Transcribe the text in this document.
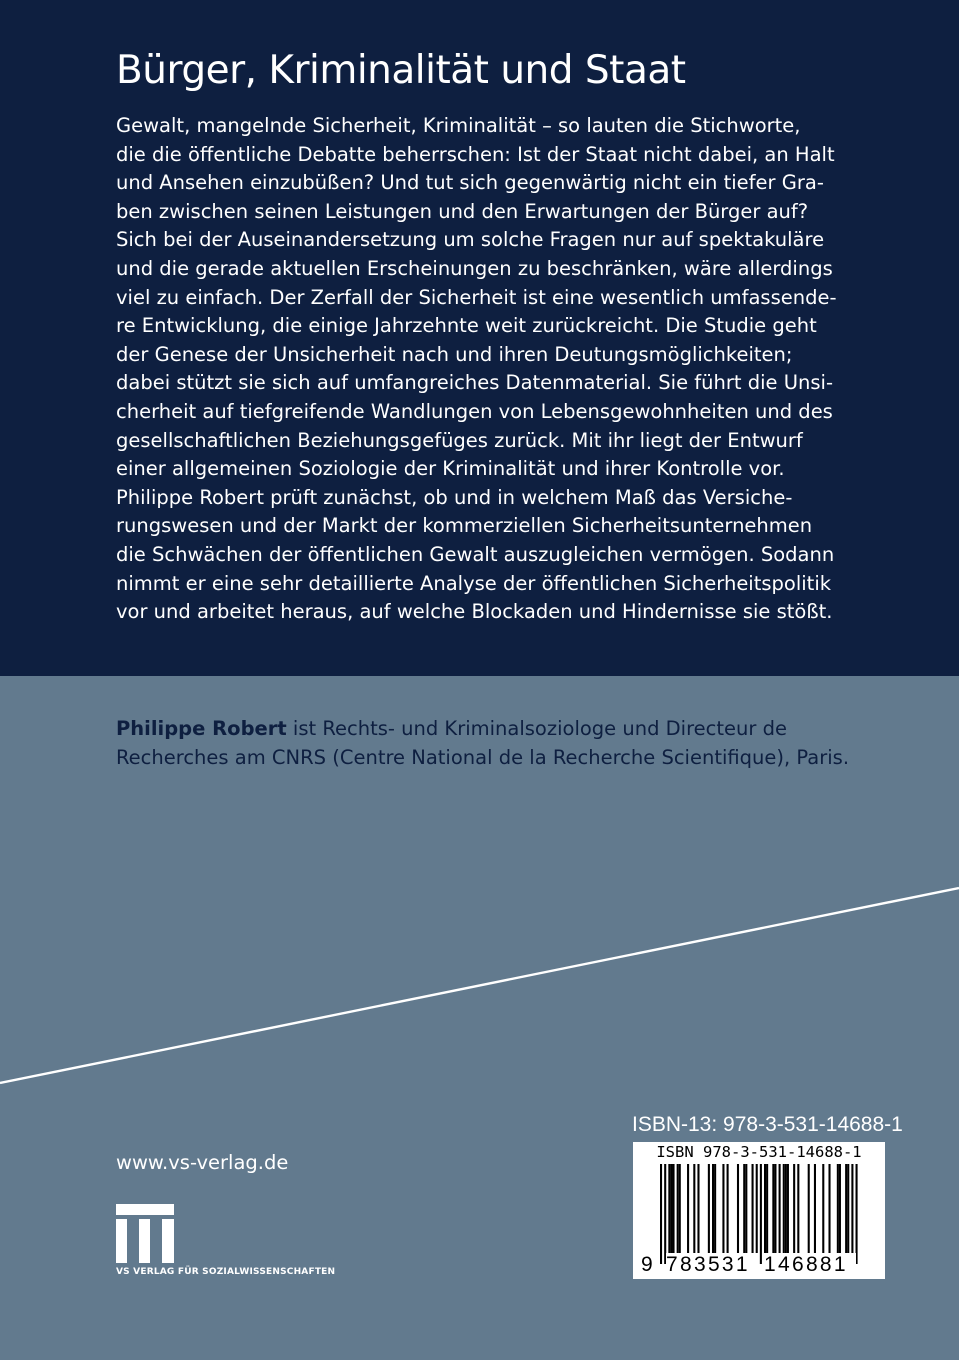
Bürger, Kriminalität und Staat
Gewalt, mangelnde Sicherheit, Kriminalität – so lauten die Stichworte,
die die öffentliche Debatte beherrschen: Ist der Staat nicht dabei, an Halt
und Ansehen einzubüßen? Und tut sich gegenwärtig nicht ein tiefer Gra-
ben zwischen seinen Leistungen und den Erwartungen der Bürger auf?
Sich bei der Auseinandersetzung um solche Fragen nur auf spektakuläre
und die gerade aktuellen Erscheinungen zu beschränken, wäre allerdings
viel zu einfach. Der Zerfall der Sicherheit ist eine wesentlich umfassende-
re Entwicklung, die einige Jahrzehnte weit zurückreicht. Die Studie geht
der Genese der Unsicherheit nach und ihren Deutungsmöglichkeiten;
dabei stützt sie sich auf umfangreiches Datenmaterial. Sie führt die Unsi-
cherheit auf tiefgreifende Wandlungen von Lebensgewohnheiten und des
gesellschaftlichen Beziehungsgefüges zurück. Mit ihr liegt der Entwurf
einer allgemeinen Soziologie der Kriminalität und ihrer Kontrolle vor.
Philippe Robert prüft zunächst, ob und in welchem Maß das Versiche-
rungswesen und der Markt der kommerziellen Sicherheitsunternehmen
die Schwächen der öffentlichen Gewalt auszugleichen vermögen. Sodann
nimmt er eine sehr detaillierte Analyse der öffentlichen Sicherheitspolitik
vor und arbeitet heraus, auf welche Blockaden und Hindernisse sie stößt.
Philippe Robert ist Rechts- und Kriminalsoziologe und Directeur de
Recherches am CNRS (Centre National de la Recherche Scientifique), Paris.
www.vs-verlag.de
VS VERLAG FÜR SOZIALWISSENSCHAFTEN
ISBN-13: 978-3-531-14688-1
ISBN 978-3-531-14688-1
9 783531 146881
